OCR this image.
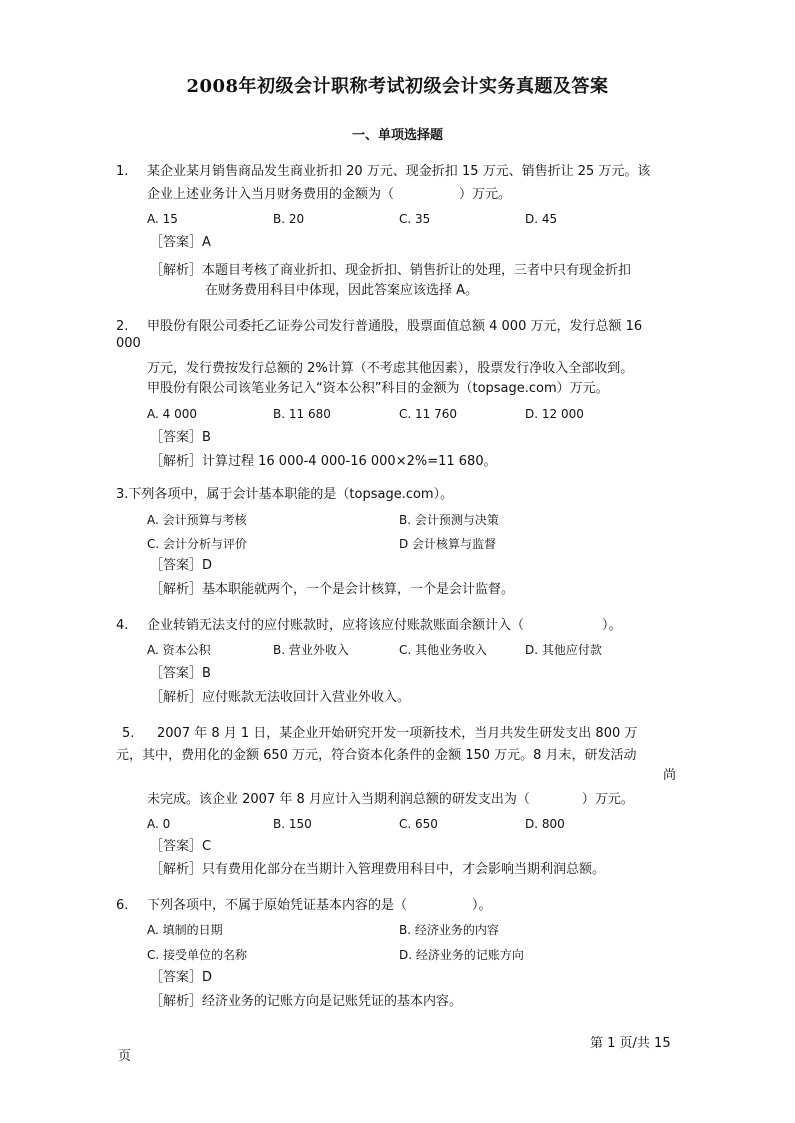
2008年初级会计职称考试初级会计实务真题及答案
一、单项选择题
1. 某企业某月销售商品发生商业折扣 20 万元、现金折扣 15 万元、销售折让 25 万元。该
企业上述业务计入当月财务费用的金额为（　　　　　）万元。
A. 15	B. 20	C. 35	D. 45
［答案］A
［解析］本题目考核了商业折扣、现金折扣、销售折让的处理，三者中只有现金折扣
在财务费用科目中体现，因此答案应该选择 A。
2. 甲股份有限公司委托乙证券公司发行普通股，股票面值总额 4 000 万元，发行总额 16
000
万元，发行费按发行总额的 2%计算（不考虑其他因素），股票发行净收入全部收到。
甲股份有限公司该笔业务记入“资本公积”科目的金额为（topsage.com）万元。
A. 4 000	B. 11 680	C. 11 760	D. 12 000
［答案］B
［解析］计算过程 16 000-4 000-16 000×2%=11 680。
3.下列各项中，属于会计基本职能的是（topsage.com）。
A. 会计预算与考核	B. 会计预测与决策
C. 会计分析与评价	D 会计核算与监督
［答案］D
［解析］基本职能就两个，一个是会计核算，一个是会计监督。
4. 企业转销无法支付的应付账款时，应将该应付账款账面余额计入（　　　　　　）。
A. 资本公积	B. 营业外收入	C. 其他业务收入	D. 其他应付款
［答案］B
［解析］应付账款无法收回计入营业外收入。
5. 2007 年 8 月 1 日，某企业开始研究开发一项新技术，当月共发生研发支出 800 万
元，其中，费用化的金额 650 万元，符合资本化条件的金额 150 万元。8 月末，研发活动
尚
未完成。该企业 2007 年 8 月应计入当期利润总额的研发支出为（　　　　）万元。
A. 0	B. 150	C. 650	D. 800
［答案］C
［解析］只有费用化部分在当期计入管理费用科目中，才会影响当期利润总额。
6. 下列各项中，不属于原始凭证基本内容的是（　　　　　）。
A. 填制的日期	B. 经济业务的内容
C. 接受单位的名称	D. 经济业务的记账方向
［答案］D
［解析］经济业务的记账方向是记账凭证的基本内容。
第 1 页/共 15
页
